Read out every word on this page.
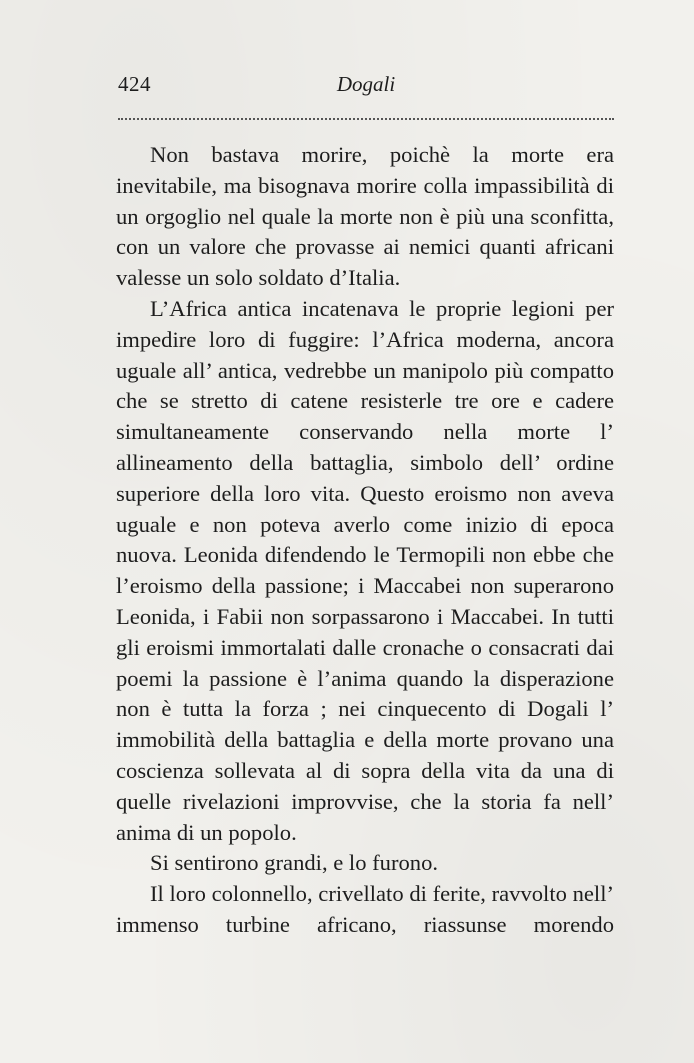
424	Dogali

Non bastava morire, poichè la morte era inevitabile, ma bisognava morire colla impassibilità di un orgoglio nel quale la morte non è più una sconfitta, con un valore che provasse ai nemici quanti africani valesse un solo soldato d’Italia.

L’Africa antica incatenava le proprie legioni per impedire loro di fuggire: l’Africa moderna, ancora uguale all’ antica, vedrebbe un manipolo più compatto che se stretto di catene resisterle tre ore e cadere simultaneamente conservando nella morte l’ allineamento della battaglia, simbolo dell’ ordine superiore della loro vita. Questo eroismo non aveva uguale e non poteva averlo come inizio di epoca nuova. Leonida difendendo le Termopili non ebbe che l’eroismo della passione; i Maccabei non superarono Leonida, i Fabii non sorpassarono i Maccabei. In tutti gli eroismi immortalati dalle cronache o consacrati dai poemi la passione è l’anima quando la disperazione non è tutta la forza ; nei cinquecento di Dogali l’ immobilità della battaglia e della morte provano una coscienza sollevata al di sopra della vita da una di quelle rivelazioni improvvise, che la storia fa nell’ anima di un popolo.

Si sentirono grandi, e lo furono.

Il loro colonnello, crivellato di ferite, ravvolto nell’ immenso turbine africano, riassunse morendo
